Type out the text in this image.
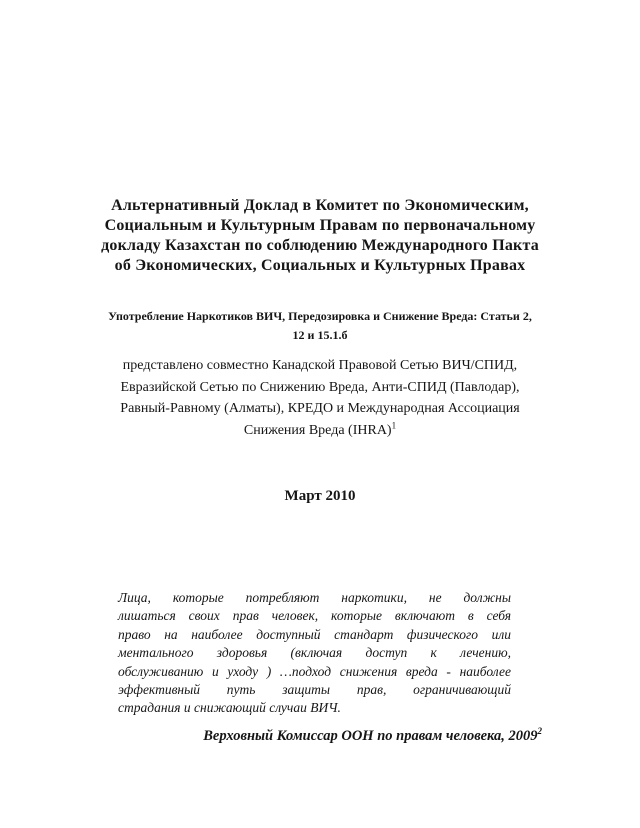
Альтернативный Доклад в Комитет по Экономическим,
Социальным и Культурным Правам по первоначальному
докладу Казахстан по соблюдению Международного Пакта
об Экономических, Социальных и Культурных Правах
Употребление Наркотиков ВИЧ, Передозировка и Снижение Вреда: Статьи 2,
12 и 15.1.б
представлено совместно Канадской Правовой Сетью ВИЧ/СПИД,
Евразийской Сетью по Снижению Вреда, Анти-СПИД (Павлодар),
Равный-Равному (Алматы), КРЕДО и Международная Ассоциация
Снижения Вреда (IHRA)$^1$
Март 2010
Лица, которые потребляют наркотики, не должны
лишаться своих прав человек, которые включают в себя
право на наиболее доступный стандарт физического или
ментального здоровья (включая доступ к лечению,
обслуживанию и уходу ) …подход снижения вреда - наиболее
эффективный путь защиты прав, ограничивающий
страдания и снижающий случаи ВИЧ.
Верховный Комиссар ООН по правам человека, 2009$^2$
